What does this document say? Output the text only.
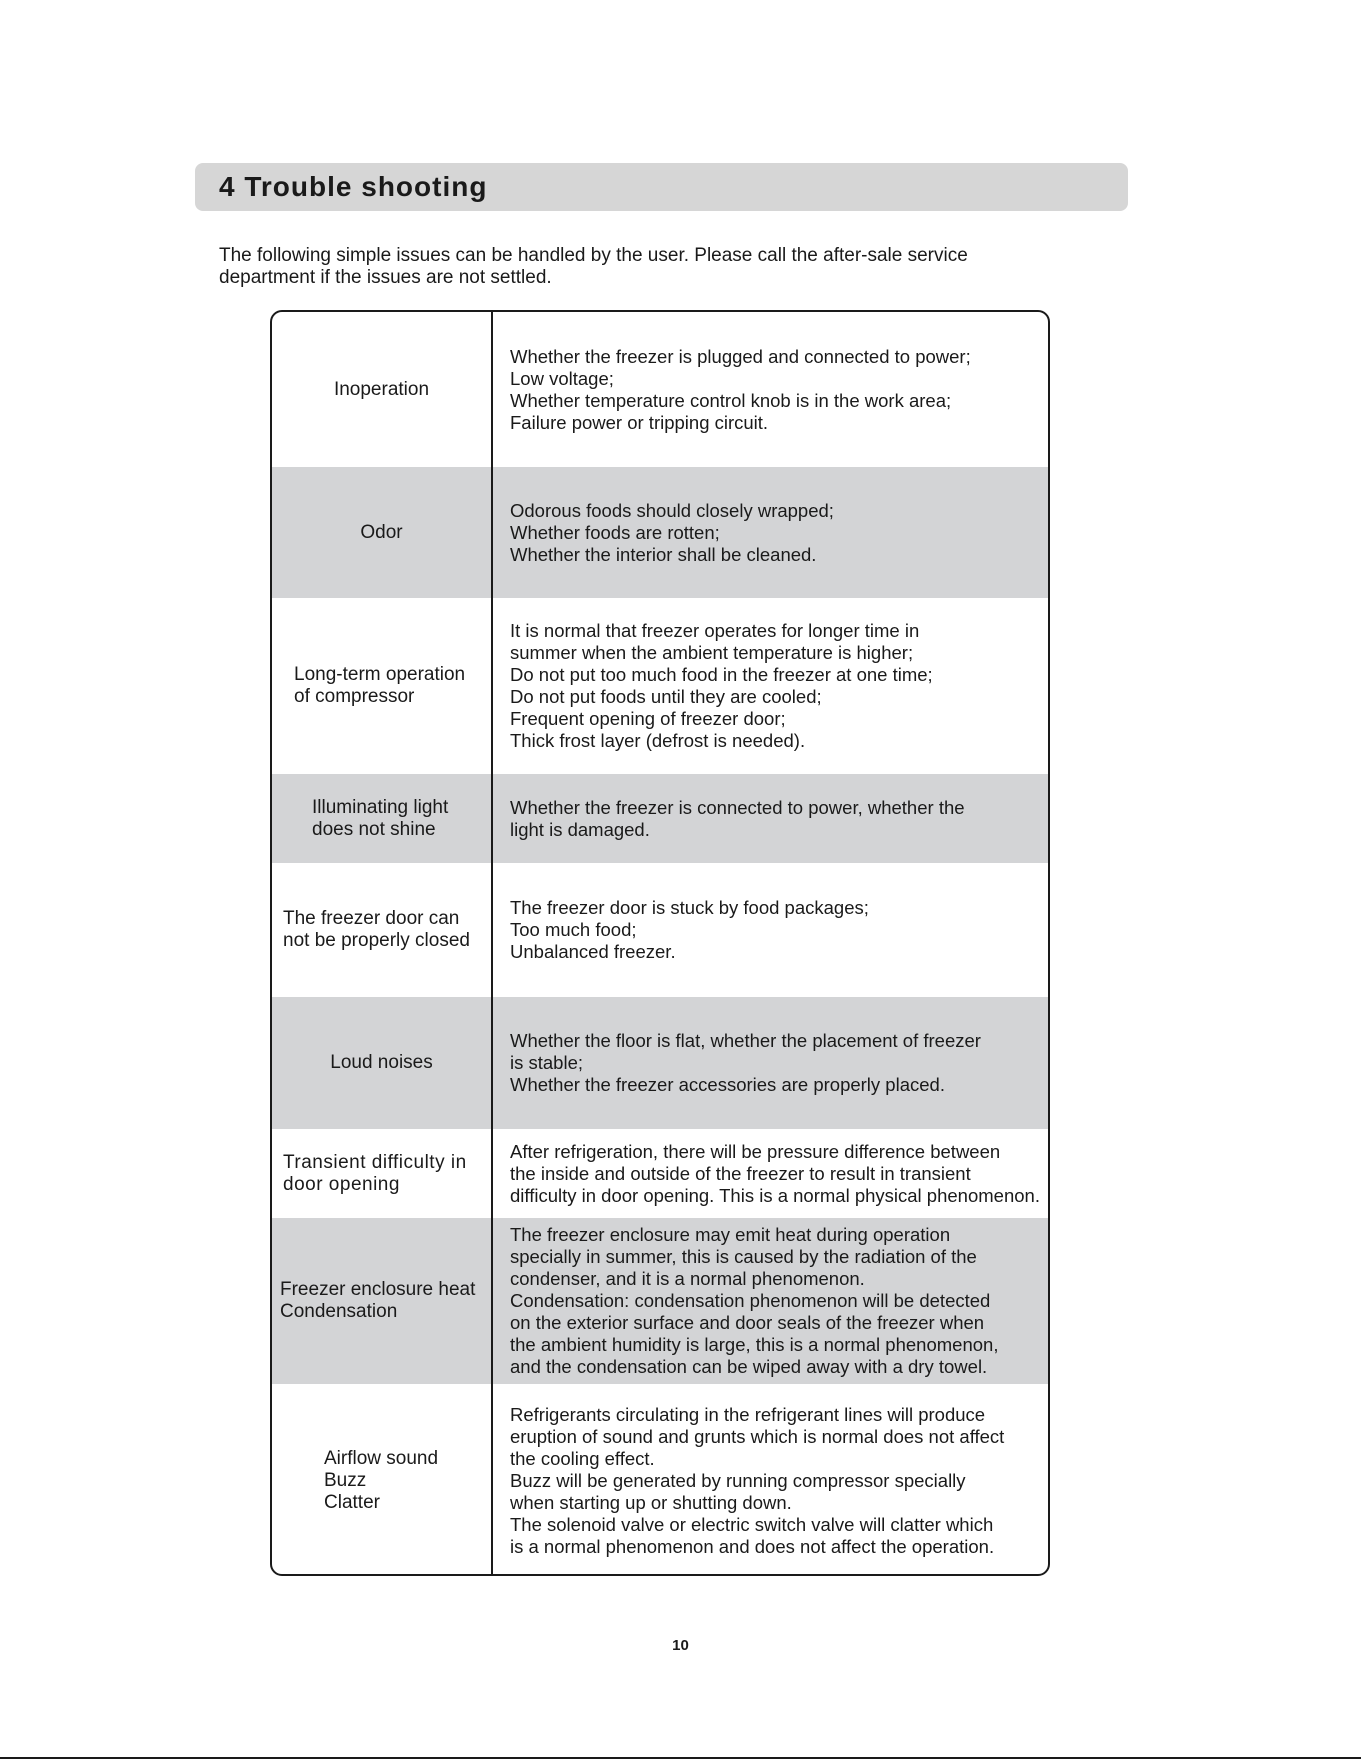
4 Trouble shooting

The following simple issues can be handled by the user. Please call the after-sale service
department if the issues are not settled.

Inoperation
Whether the freezer is plugged and connected to power;
Low voltage;
Whether temperature control knob is in the work area;
Failure power or tripping circuit.
Odor
Odorous foods should closely wrapped;
Whether foods are rotten;
Whether the interior shall be cleaned.
Long-term operation
of compressor
It is normal that freezer operates for longer time in
summer when the ambient temperature is higher;
Do not put too much food in the freezer at one time;
Do not put foods until they are cooled;
Frequent opening of freezer door;
Thick frost layer (defrost is needed).
Illuminating light
does not shine
Whether the freezer is connected to power, whether the
light is damaged.
The freezer door can
not be properly closed
The freezer door is stuck by food packages;
Too much food;
Unbalanced freezer.
Loud noises
Whether the floor is flat, whether the placement of freezer
is stable;
Whether the freezer accessories are properly placed.
Transient difficulty in
door opening
After refrigeration, there will be pressure difference between
the inside and outside of the freezer to result in transient
difficulty in door opening. This is a normal physical phenomenon.
Freezer enclosure heat
Condensation
The freezer enclosure may emit heat during operation
specially in summer, this is caused by the radiation of the
condenser, and it is a normal phenomenon.
Condensation: condensation phenomenon will be detected
on the exterior surface and door seals of the freezer when
the ambient humidity is large, this is a normal phenomenon,
and the condensation can be wiped away with a dry towel.
Airflow sound
Buzz
Clatter
Refrigerants circulating in the refrigerant lines will produce
eruption of sound and grunts which is normal does not affect
the cooling effect.
Buzz will be generated by running compressor specially
when starting up or shutting down.
The solenoid valve or electric switch valve will clatter which
is a normal phenomenon and does not affect the operation.
10
